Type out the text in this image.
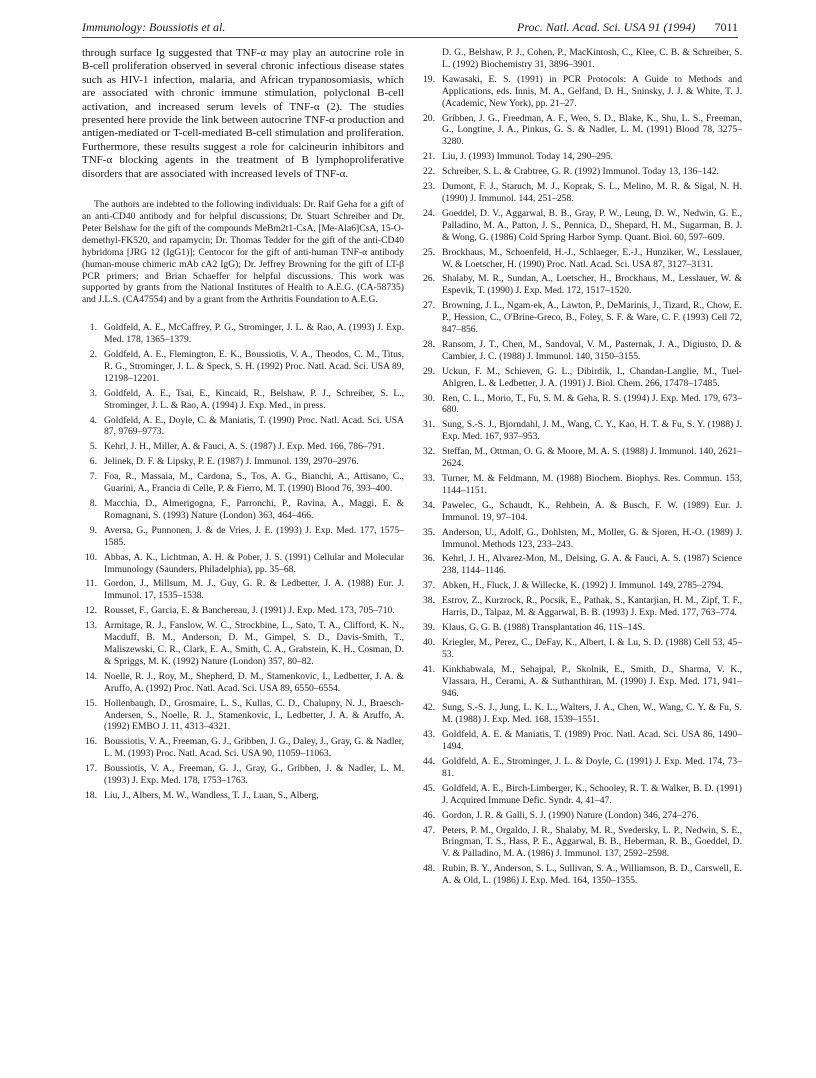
Immunology: Boussiotis et al.	Proc. Natl. Acad. Sci. USA 91 (1994) 7011

through surface Ig suggested that TNF-α may play an autocrine role in B-cell proliferation observed in several chronic infectious disease states such as HIV-1 infection, malaria, and African trypanosomiasis, which are associated with chronic immune stimulation, polyclonal B-cell activation, and increased serum levels of TNF-α (2). The studies presented here provide the link between autocrine TNF-α production and antigen-mediated or T-cell-mediated B-cell stimulation and proliferation. Furthermore, these results suggest a role for calcineurin inhibitors and TNF-α blocking agents in the treatment of B lymphoproliferative disorders that are associated with increased levels of TNF-α.

The authors are indebted to the following individuals: Dr. Raif Geha for a gift of an anti-CD40 antibody and for helpful discussions; Dr. Stuart Schreiber and Dr. Peter Belshaw for the gift of the compounds MeBm2t1-CsA, [Me-Ala6]CsA, 15-O-demethyl-FK520, and rapamycin; Dr. Thomas Tedder for the gift of the anti-CD40 hybridoma [JRG 12 (IgG1)]; Centocor for the gift of anti-human TNF-α antibody (human-mouse chimeric mAb cA2 IgG); Dr. Jeffrey Browning for the gift of LT-β PCR primers; and Brian Schaeffer for helpful discussions. This work was supported by grants from the National Institutes of Health to A.E.G. (CA-58735) and J.L.S. (CA47554) and by a grant from the Arthritis Foundation to A.E.G.

1. Goldfeld, A. E., McCaffrey, P. G., Strominger, J. L. & Rao, A. (1993) J. Exp. Med. 178, 1365–1379.
2. Goldfeld, A. E., Flemington, E. K., Boussiotis, V. A., Theodos, C. M., Titus, R. G., Strominger, J. L. & Speck, S. H. (1992) Proc. Natl. Acad. Sci. USA 89, 12198–12201.
3. Goldfeld, A. E., Tsai, E., Kincaid, R., Belshaw, P. J., Schreiber, S. L., Strominger, J. L. & Rao, A. (1994) J. Exp. Med., in press.
4. Goldfeld, A. E., Doyle, C. & Maniatis, T. (1990) Proc. Natl. Acad. Sci. USA 87, 9769–9773.
5. Kehrl, J. H., Miller, A. & Fauci, A. S. (1987) J. Exp. Med. 166, 786–791.
6. Jelinek, D. F. & Lipsky, P. E. (1987) J. Immunol. 139, 2970–2976.
7. Foa, R., Massaia, M., Cardona, S., Tos, A. G., Bianchi, A., Attisano, C., Guarini, A., Francia di Celle, P. & Fierro, M. T. (1990) Blood 76, 393–400.
8. Macchia, D., Almerigogna, F., Parronchi, P., Ravina, A., Maggi, E. & Romagnani, S. (1993) Nature (London) 363, 464–466.
9. Aversa, G., Punnonen, J. & de Vries, J. E. (1993) J. Exp. Med. 177, 1575–1585.
10. Abbas, A. K., Lichtman, A. H. & Pober, J. S. (1991) Cellular and Molecular Immunology (Saunders, Philadelphia), pp. 35–68.
11. Gordon, J., Millsum, M. J., Guy, G. R. & Ledbetter, J. A. (1988) Eur. J. Immunol. 17, 1535–1538.
12. Rousset, F., Garcia, E. & Banchereau, J. (1991) J. Exp. Med. 173, 705–710.
13. Armitage, R. J., Fanslow, W. C., Strockbine, L., Sato, T. A., Clifford, K. N., Macduff, B. M., Anderson, D. M., Gimpel, S. D., Davis-Smith, T., Maliszewski, C. R., Clark, E. A., Smith, C. A., Grabstein, K. H., Cosman, D. & Spriggs, M. K. (1992) Nature (London) 357, 80–82.
14. Noelle, R. J., Roy, M., Shepherd, D. M., Stamenkovic, I., Ledbetter, J. A. & Aruffo, A. (1992) Proc. Natl. Acad. Sci. USA 89, 6550–6554.
15. Hollenbaugh, D., Grosmaire, L. S., Kullas, C. D., Chalupny, N. J., Braesch-Andersen, S., Noelle, R. J., Stamenkovic, I., Ledbetter, J. A. & Aruffo, A. (1992) EMBO J. 11, 4313–4321.
16. Boussiotis, V. A., Freeman, G. J., Gribben, J. G., Daley, J., Gray, G. & Nadler, L. M. (1993) Proc. Natl. Acad. Sci. USA 90, 11059–11063.
17. Boussiotis, V. A., Freeman, G. J., Gray, G., Gribben, J. & Nadler, L. M. (1993) J. Exp. Med. 178, 1753–1763.
18. Liu, J., Albers, M. W., Wandless, T. J., Luan, S., Alberg,
D. G., Belshaw, P. J., Cohen, P., MacKintosh, C., Klee, C. B. & Schreiber, S. L. (1992) Biochemistry 31, 3896–3901.
19. Kawasaki, E. S. (1991) in PCR Protocols: A Guide to Methods and Applications, eds. Innis, M. A., Gelfand, D. H., Sninsky, J. J. & White, T. J. (Academic, New York), pp. 21–27.
20. Gribben, J. G., Freedman, A. F., Weo, S. D., Blake, K., Shu, L. S., Freeman, G., Longtine, J. A., Pinkus, G. S. & Nadler, L. M. (1991) Blood 78, 3275–3280.
21. Liu, J. (1993) Immunol. Today 14, 290–295.
22. Schreiber, S. L. & Crabtree, G. R. (1992) Immunol. Today 13, 136–142.
23. Dumont, F. J., Staruch, M. J., Koprak, S. L., Melino, M. R. & Sigal, N. H. (1990) J. Immunol. 144, 251–258.
24. Goeddel, D. V., Aggarwal, B. B., Gray, P. W., Leung, D. W., Nedwin, G. E., Palladino, M. A., Patton, J. S., Pennica, D., Shepard, H. M., Sugarman, B. J. & Wong, G. (1986) Cold Spring Harbor Symp. Quant. Biol. 60, 597–609.
25. Brockhaus, M., Schoenfeld, H.-J., Schlaeger, E.-J., Hunziker, W., Lesslauer, W. & Loetscher, H. (1990) Proc. Natl. Acad. Sci. USA 87, 3127–3131.
26. Shalaby, M. R., Sundan, A., Loetscher, H., Brockhaus, M., Lesslauer, W. & Espevik, T. (1990) J. Exp. Med. 172, 1517–1520.
27. Browning, J. L., Ngam-ek, A., Lawton, P., DeMarinis, J., Tizard, R., Chow, E. P., Hession, C., O'Brine-Greco, B., Foley, S. F. & Ware, C. F. (1993) Cell 72, 847–856.
28. Ransom, J. T., Chen, M., Sandoval, V. M., Pasternak, J. A., Digiusto, D. & Cambier, J. C. (1988) J. Immunol. 140, 3150–3155.
29. Uckun, F. M., Schieven, G. L., Dibirdik, I., Chandan-Langlie, M., Tuel-Ahlgren, L. & Ledbetter, J. A. (1991) J. Biol. Chem. 266, 17478–17485.
30. Ren, C. L., Morio, T., Fu, S. M. & Geha, R. S. (1994) J. Exp. Med. 179, 673–680.
31. Sung, S.-S. J., Bjorndahl, J. M., Wang, C. Y., Kao, H. T. & Fu, S. Y. (1988) J. Exp. Med. 167, 937–953.
32. Steffan, M., Ottman, O. G. & Moore, M. A. S. (1988) J. Immunol. 140, 2621–2624.
33. Turner, M. & Feldmann, M. (1988) Biochem. Biophys. Res. Commun. 153, 1144–1151.
34. Pawelec, G., Schaudt, K., Rehbein, A. & Busch, F. W. (1989) Eur. J. Immunol. 19, 97–104.
35. Anderson, U., Adolf, G., Dohlsten, M., Moller, G. & Sjoren, H.-O. (1989) J. Immunol. Methods 123, 233–243.
36. Kehrl, J. H., Alvarez-Mon, M., Delsing, G. A. & Fauci, A. S. (1987) Science 238, 1144–1146.
37. Abken, H., Fluck, J. & Willecke, K. (1992) J. Immunol. 149, 2785–2794.
38. Estrov, Z., Kurzrock, R., Pocsik, E., Pathak, S., Kantarjian, H. M., Zipf, T. F., Harris, D., Talpaz, M. & Aggarwal, B. B. (1993) J. Exp. Med. 177, 763–774.
39. Klaus, G. G. B. (1988) Transplantation 46, 11S–14S.
40. Kriegler, M., Perez, C., DeFay, K., Albert, I. & Lu, S. D. (1988) Cell 53, 45–53.
41. Kinkhabwala, M., Sehajpal, P., Skolnik, E., Smith, D., Sharma, V. K., Vlassara, H., Cerami, A. & Suthanthiran, M. (1990) J. Exp. Med. 171, 941–946.
42. Sung, S.-S. J., Jung, L. K. L., Walters, J. A., Chen, W., Wang, C. Y. & Fu, S. M. (1988) J. Exp. Med. 168, 1539–1551.
43. Goldfeld, A. E. & Maniatis, T. (1989) Proc. Natl. Acad. Sci. USA 86, 1490–1494.
44. Goldfeld, A. E., Strominger, J. L. & Doyle, C. (1991) J. Exp. Med. 174, 73–81.
45. Goldfeld, A. E., Birch-Limberger, K., Schooley, R. T. & Walker, B. D. (1991) J. Acquired Immune Defic. Syndr. 4, 41–47.
46. Gordon, J. R. & Galli, S. J. (1990) Nature (London) 346, 274–276.
47. Peters, P. M., Orgaldo, J. R., Shalaby, M. R., Svedersky, L. P., Nedwin, S. E., Bringman, T. S., Hass, P. E., Aggarwal, B. B., Heberman, R. B., Goeddel, D. V. & Palladino, M. A. (1986) J. Immunol. 137, 2592–2598.
48. Rubin, B. Y., Anderson, S. L., Sullivan, S. A., Williamson, B. D., Carswell, E. A. & Old, L. (1986) J. Exp. Med. 164, 1350–1355.
